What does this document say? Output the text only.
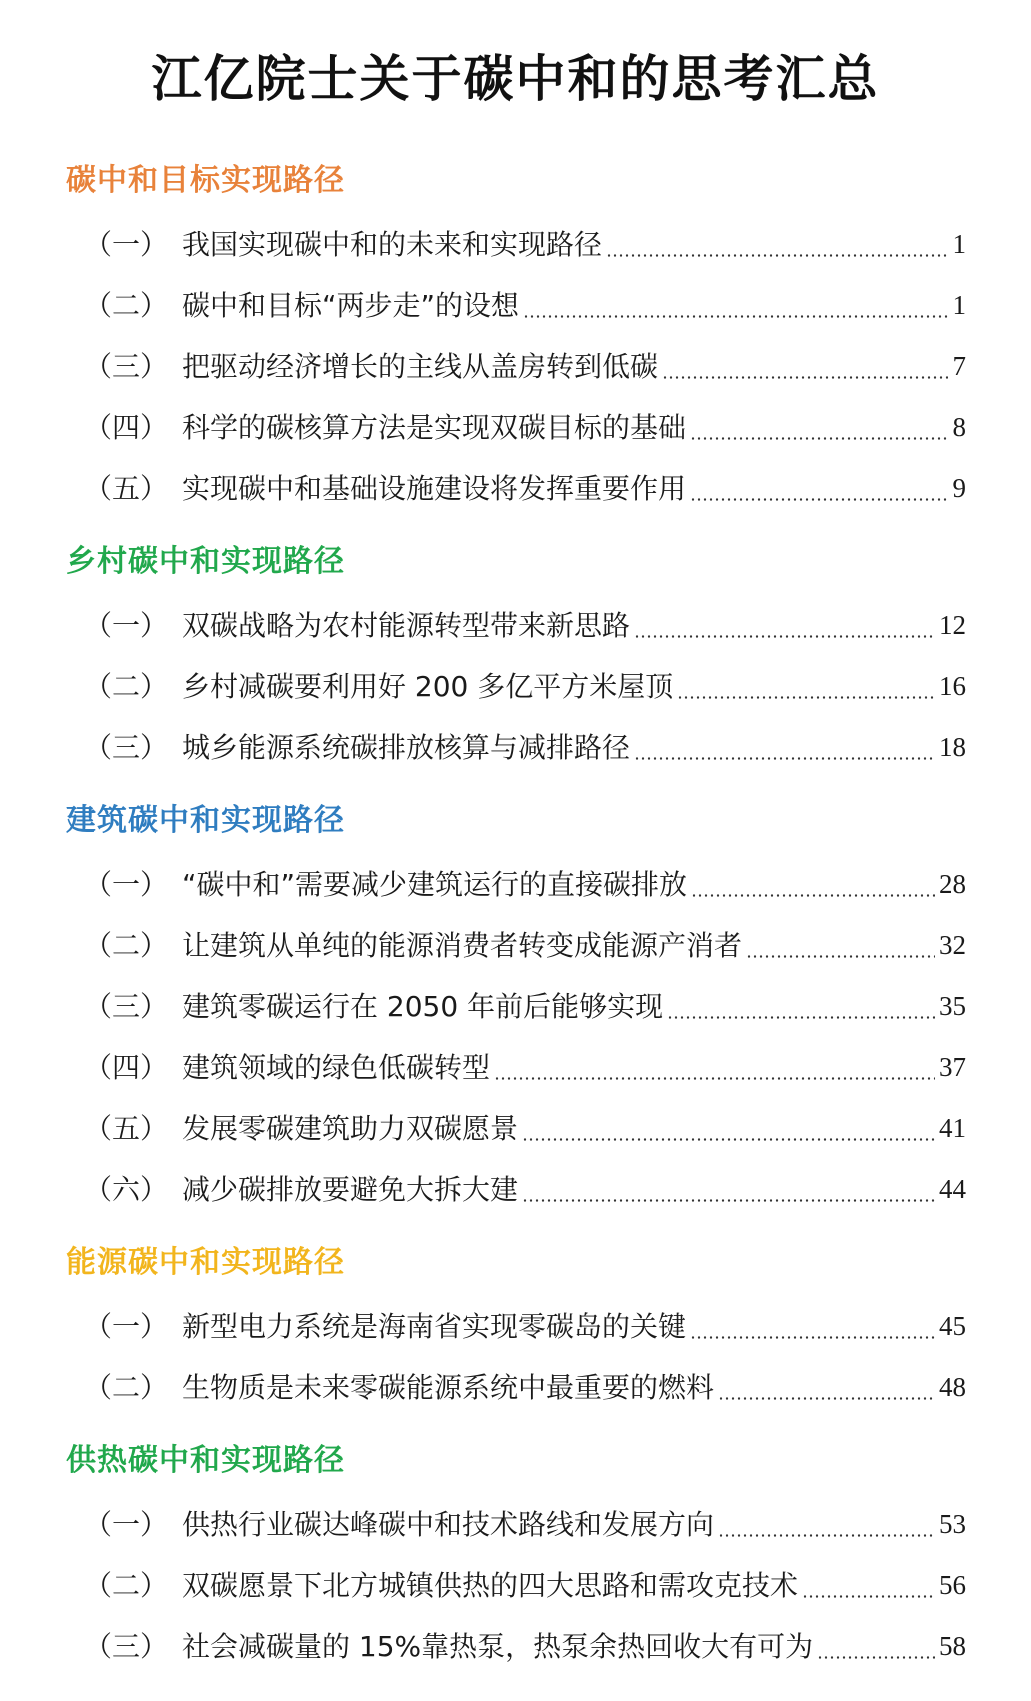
江亿院士关于碳中和的思考汇总
碳中和目标实现路径
（一） 我国实现碳中和的未来和实现路径	1
（二） 碳中和目标“两步走”的设想	1
（三） 把驱动经济增长的主线从盖房转到低碳	7
（四） 科学的碳核算方法是实现双碳目标的基础	8
（五） 实现碳中和基础设施建设将发挥重要作用	9
乡村碳中和实现路径
（一） 双碳战略为农村能源转型带来新思路	12
（二） 乡村减碳要利用好 200 多亿平方米屋顶	16
（三） 城乡能源系统碳排放核算与减排路径	18
建筑碳中和实现路径
（一） “碳中和”需要减少建筑运行的直接碳排放	28
（二） 让建筑从单纯的能源消费者转变成能源产消者	32
（三） 建筑零碳运行在 2050 年前后能够实现	35
（四） 建筑领域的绿色低碳转型	37
（五） 发展零碳建筑助力双碳愿景	41
（六） 减少碳排放要避免大拆大建	44
能源碳中和实现路径
（一） 新型电力系统是海南省实现零碳岛的关键	45
（二） 生物质是未来零碳能源系统中最重要的燃料	48
供热碳中和实现路径
（一） 供热行业碳达峰碳中和技术路线和发展方向	53
（二） 双碳愿景下北方城镇供热的四大思路和需攻克技术	56
（三） 社会减碳量的 15%靠热泵，热泵余热回收大有可为	58
